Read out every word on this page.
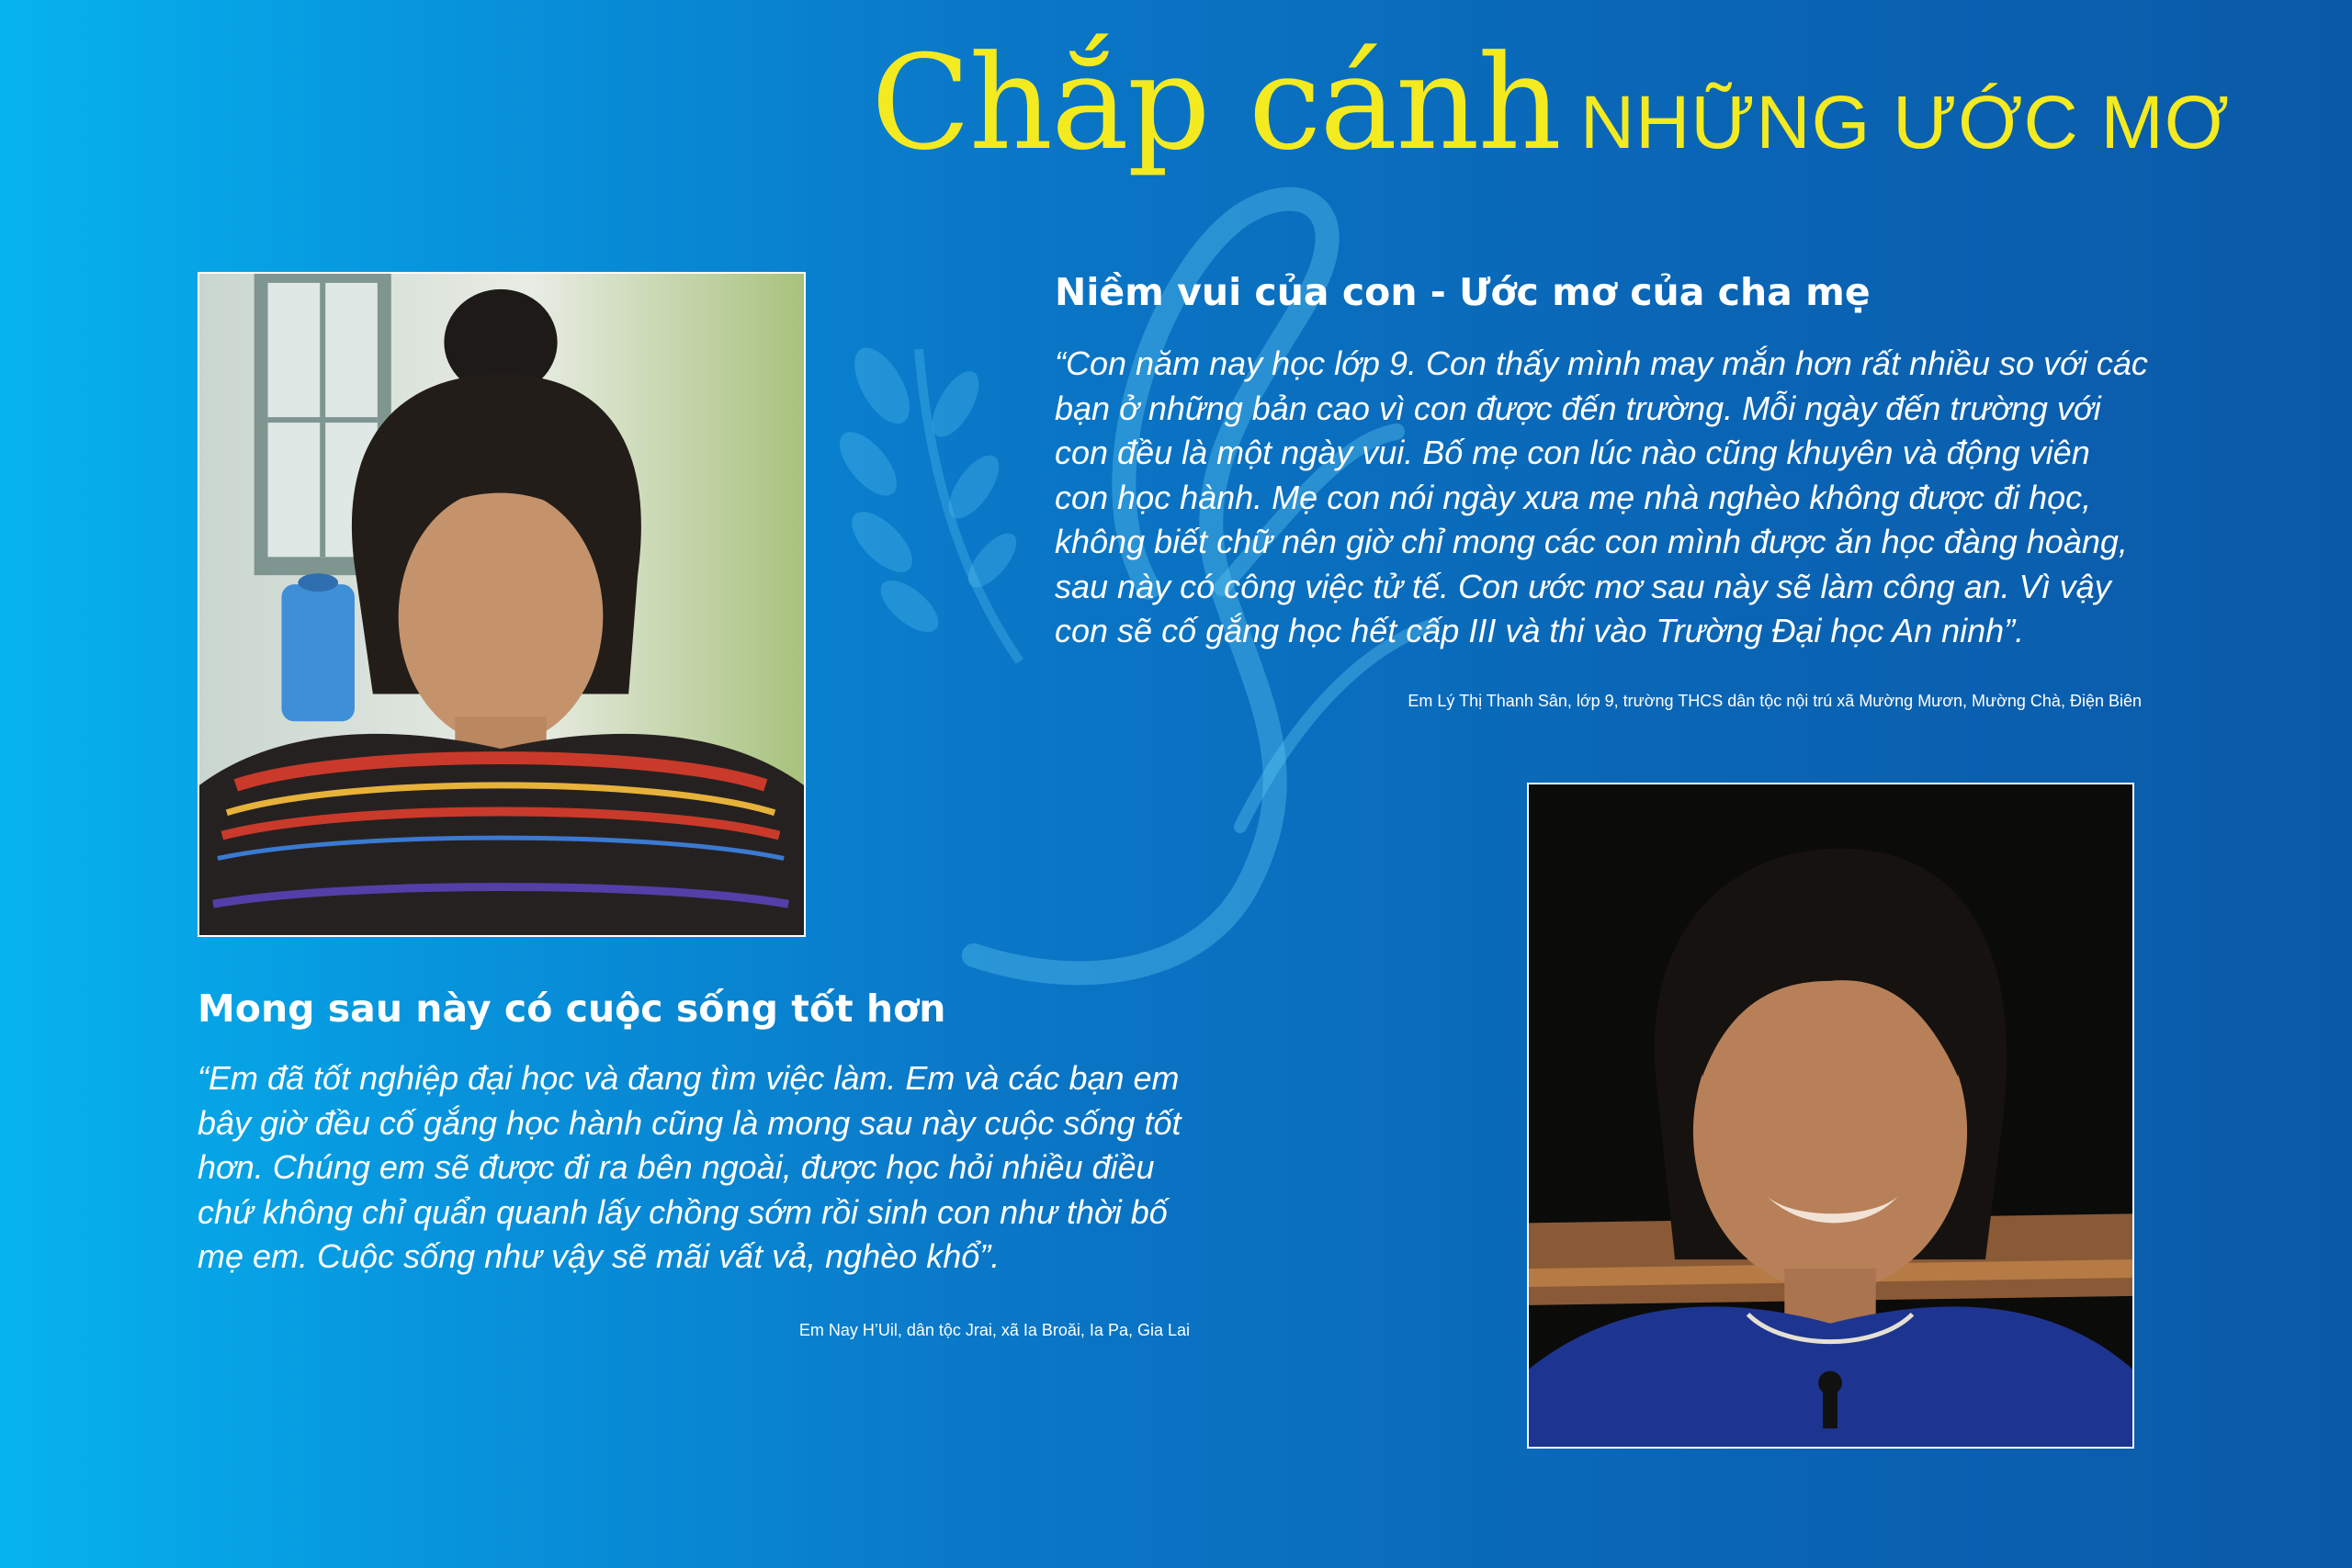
Chắp cánh NHỮNG ƯỚC MƠ
Niềm vui của con - Ước mơ của cha mẹ
“Con năm nay học lớp 9. Con thấy mình may mắn hơn rất nhiều so với các bạn ở những bản cao vì con được đến trường. Mỗi ngày đến trường với con đều là một ngày vui. Bố mẹ con lúc nào cũng khuyên và động viên con học hành. Mẹ con nói ngày xưa mẹ nhà nghèo không được đi học, không biết chữ nên giờ chỉ mong các con mình được ăn học đàng hoàng, sau này có công việc tử tế. Con ước mơ sau này sẽ làm công an. Vì vậy con sẽ cố gắng học hết cấp III và thi vào Trường Đại học An ninh”.
Em Lý Thị Thanh Sân, lớp 9, trường THCS dân tộc nội trú xã Mường Mươn, Mường Chà, Điện Biên
Mong sau này có cuộc sống tốt hơn
“Em đã tốt nghiệp đại học và đang tìm việc làm. Em và các bạn em bây giờ đều cố gắng học hành cũng là mong sau này cuộc sống tốt hơn. Chúng em sẽ được đi ra bên ngoài, được học hỏi nhiều điều chứ không chỉ quẩn quanh lấy chồng sớm rồi sinh con như thời bố mẹ em. Cuộc sống như vậy sẽ mãi vất vả, nghèo khổ”.
Em Nay H’Uil, dân tộc Jrai, xã Ia Broăi, Ia Pa, Gia Lai
